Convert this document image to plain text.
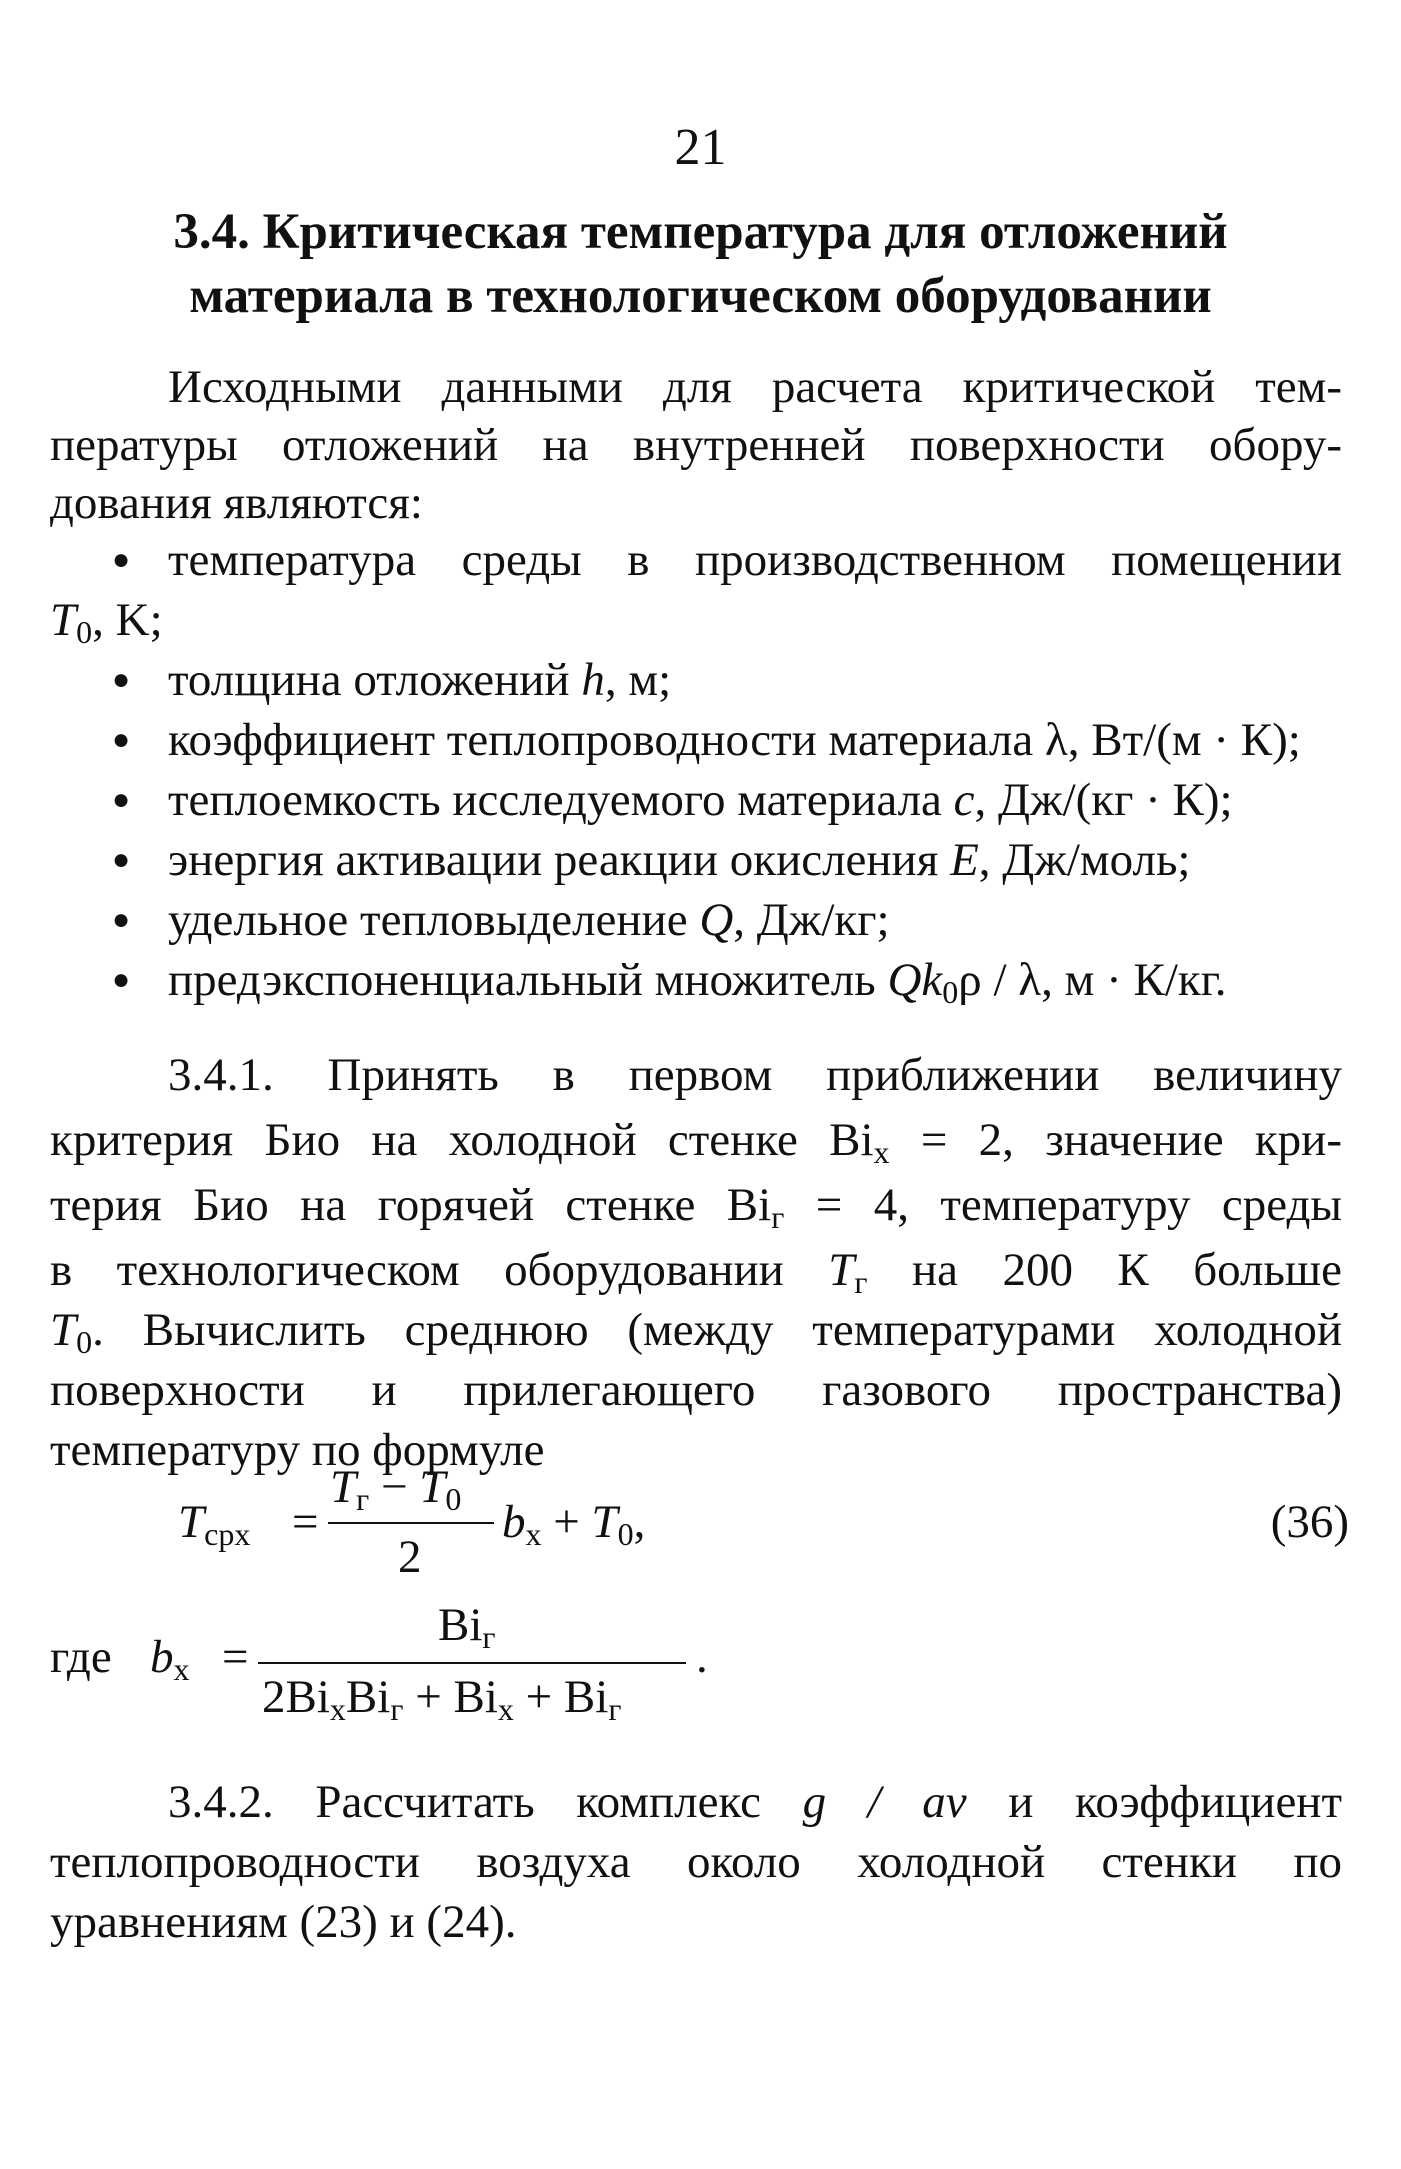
21
3.4. Критическая температура для отложений
материала в технологическом оборудовании
Исходными данными для расчета критической тем-
пературы отложений на внутренней поверхности обору-
дования являются:
● температура среды в производственном помещении
$T_0$, K;
● толщина отложений h, м;
● коэффициент теплопроводности материала λ, Вт/(м · К);
● теплоемкость исследуемого материала c, Дж/(кг · К);
● энергия активации реакции окисления E, Дж/моль;
● удельное тепловыделение Q, Дж/кг;
● предэкспоненциальный множитель $Qk_0\rho$ / λ, м · К/кг.
3.4.1. Принять в первом приближении величину
критерия Био на холодной стенке $Bi_x = 2$, значение кри-
терия Био на горячей стенке $Bi_г = 4$, температуру среды
в технологическом оборудовании $T_г$ на 200 К больше
$T_0$. Вычислить среднюю (между температурами холодной
поверхности и прилегающего газового пространства)
температуру по формуле
$T_{срx}$ =
$T_г - T_0$
2
$b_x + T_0$,	(36)
где $b_x$ =
$Bi_г$
$2Bi_xBi_г + Bi_x + Bi_г$
.
3.4.2. Рассчитать комплекс g / av и коэффициент
теплопроводности воздуха около холодной стенки по
уравнениям (23) и (24).
